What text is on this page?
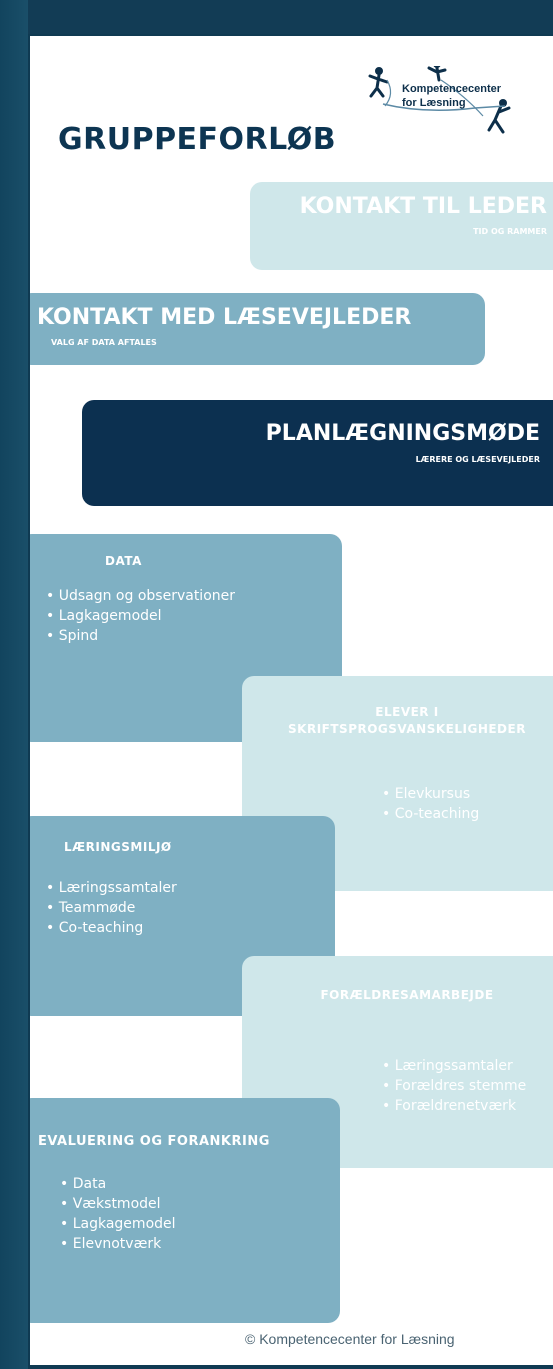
Kompetencecenter
for Læsning
GRUPPEFORLØB
KONTAKT TIL LEDER
TID OG RAMMER
KONTAKT MED LÆSEVEJLEDER
VALG AF DATA AFTALES
PLANLÆGNINGSMØDE
LÆRERE OG LÆSEVEJLEDER
DATA
• Udsagn og observationer
• Lagkagemodel
• Spind
ELEVER I
SKRIFTSPROGSVANSKELIGHEDER
• Elevkursus
• Co-teaching
LÆRINGSMILJØ
• Læringssamtaler
• Teammøde
• Co-teaching
FORÆLDRESAMARBEJDE
• Læringssamtaler
• Forældres stemme
• Forældrenetværk
EVALUERING OG FORANKRING
• Data
• Vækstmodel
• Lagkagemodel
• Elevnotværk
© Kompetencecenter for Læsning
